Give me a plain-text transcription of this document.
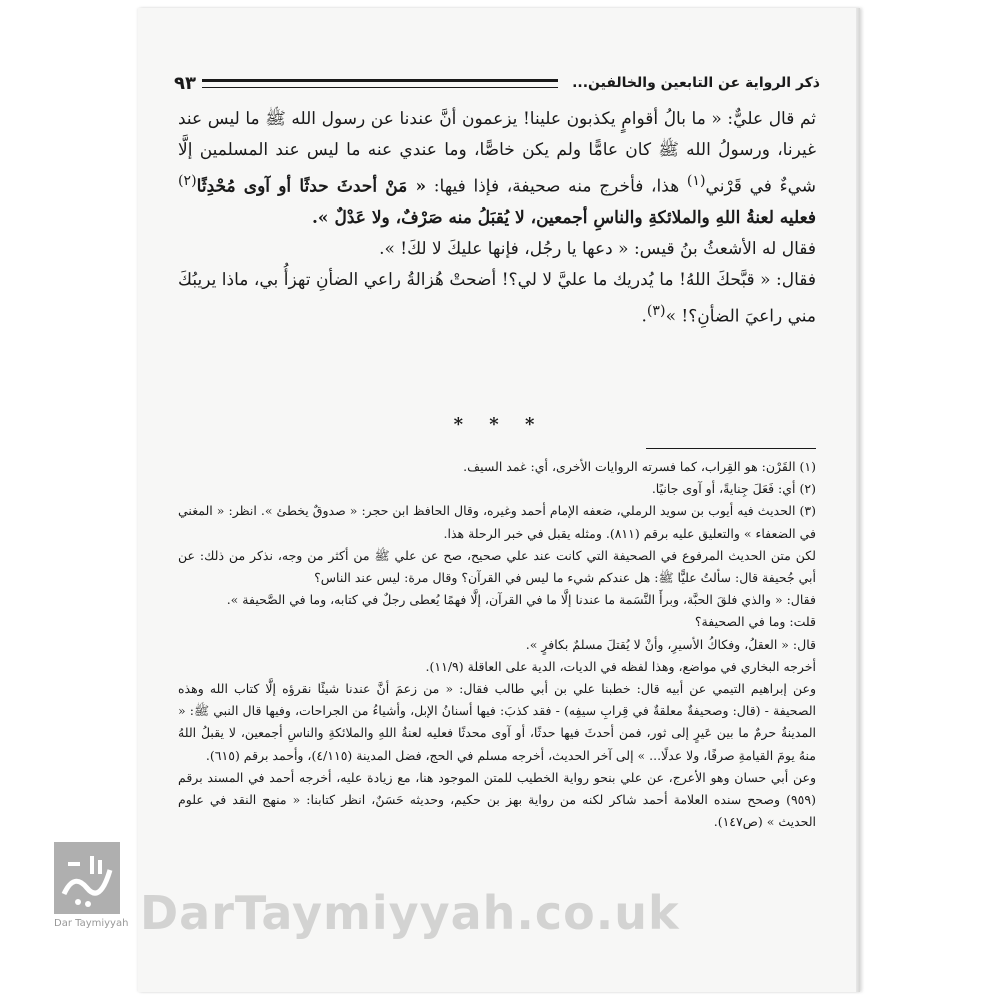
ذكر الرواية عن التابعين والخالفين...
٩٣

ثم قال عليٌّ: « ما بالُ أقوامٍ يكذبون علينا! يزعمون أنَّ عندنا عن رسول الله ﷺ ما ليس عند غيرنا، ورسولُ الله ﷺ كان عامًّا ولم يكن خاصًّا، وما عندي عنه ما ليس عند المسلمين إلَّا شيءٌ في قَرْني$^{(١)}$ هذا، فأخرج منه صحيفة، فإذا فيها: « مَنْ أحدثَ حدثًا أو آوى مُحْدِثًا$^{(٢)}$ فعليه لعنةُ اللهِ والملائكةِ والناسِ أجمعين، لا يُقبَلُ منه صَرْفٌ، ولا عَدْلٌ ».

فقال له الأشعثُ بنُ قيس: « دعها يا رجُل، فإنها عليكَ لا لكَ! ».

فقال: « قبَّحكَ اللهُ! ما يُدريك ما عليَّ لا لي؟! أضحتْ هُزالةُ راعي الضأنِ تهزأُ بي، ماذا يريبُكَ مني راعيَ الضأنِ؟! »$^{(٣)}$.

* * *

(١) القَرْن: هو القِراب، كما فسرته الروايات الأخرى، أي: غمد السيف.

(٢) أي: فَعَلَ جِنايةً، أو آوى جانيًا.

(٣) الحديث فيه أيوب بن سويد الرملي، ضعفه الإمام أحمد وغيره، وقال الحافظ ابن حجر: « صدوقٌ يخطئ ». انظر: « المغني في الضعفاء » والتعليق عليه برقم (٨١١). ومثله يقبل في خبر الرحلة هذا.

لكن متن الحديث المرفوع في الصحيفة التي كانت عند علي صحيح، صح عن علي ﷺ من أكثر من وجه، نذكر من ذلك: عن أبي جُحيفة قال: سألتُ عليًّا ﷺ: هل عندكم شيء ما ليس في القرآن؟ وقال مرة: ليس عند الناس؟

فقال: « والذي فلقَ الحبَّة، وبرأَ النَّسَمة ما عندنا إلَّا ما في القرآن، إلَّا فهمًا يُعطى رجلٌ في كتابه، وما في الصَّحيفة ».

قلت: وما في الصحيفة؟

قال: « العقلُ، وفكاكُ الأسيرِ، وأنْ لا يُقتلَ مسلمٌ بكافرٍ ».

أخرجه البخاري في مواضع، وهذا لفظه في الديات، الدية على العاقلة (١١/٩).

وعن إبراهيم التيمي عن أبيه قال: خطبنا علي بن أبي طالب فقال: « من زعمَ أنَّ عندنا شيئًا نقرؤه إلَّا كتاب الله وهذه الصحيفة - (قال: وصحيفةٌ معلقةٌ في قِرابِ سيفِه) - فقد كذبَ: فيها أسنانُ الإبل، وأشياءُ من الجراحات، وفيها قال النبي ﷺ: « المدينةُ حرمٌ ما بين عَيرٍ إلى ثور، فمن أحدثَ فيها حدثًا، أو آوى محدثًا فعليه لعنةُ اللهِ والملائكةِ والناسِ أجمعين، لا يقبلُ اللهُ منهُ يومَ القيامةِ صرفًا، ولا عدلًا... » إلى آخر الحديث، أخرجه مسلم في الحج، فضل المدينة (٤/١١٥)، وأحمد برقم (٦١٥).

وعن أبي حسان وهو الأعرج، عن علي بنحو رواية الخطيب للمتن الموجود هنا، مع زيادة عليه، أخرجه أحمد في المسند برقم (٩٥٩) وصحح سنده العلامة أحمد شاكر لكنه من رواية بهز بن حكيم، وحديثه حَسَنٌ، انظر كتابنا: « منهج النقد في علوم الحديث » (ص١٤٧).

Dar Taymiyyah DarTaymiyyah.co.uk
